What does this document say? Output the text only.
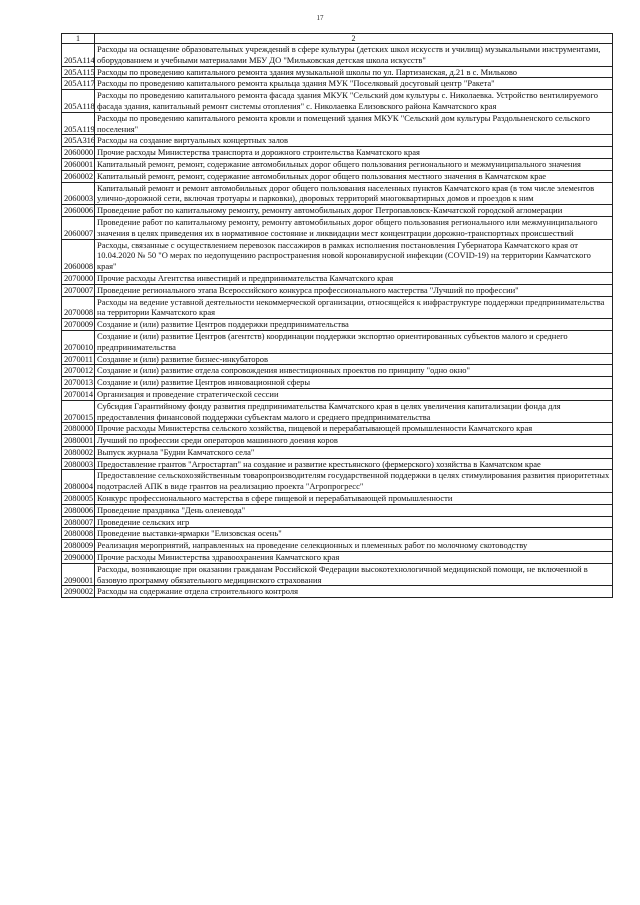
17
1	2
205А114	Расходы на оснащение образовательных учреждений в сфере культуры (детских школ искусств и училищ) музыкальными инструментами, оборудованием и учебными материалами МБУ ДО "Мильковская детская школа искусств"
205А115	Расходы по проведению капитального ремонта здания музыкальной школы по ул. Партизанская, д.21 в с. Мильково
205А117	Расходы по проведению капитального ремонта крыльца здания МУК "Поселковый досуговый центр "Ракета"
205А118	Расходы по проведению капитального ремонта фасада здания МКУК "Сельский дом культуры с. Николаевка. Устройство вентилируемого фасада здания, капитальный ремонт системы отопления" с. Николаевка Елизовского района Камчатского края
205А119	Расходы по проведению капитального ремонта кровли и помещений здания МКУК "Сельский дом культуры Раздольненского сельского поселения"
205А316	Расходы на создание виртуальных концертных залов
2060000	Прочие расходы Министерства транспорта и дорожного строительства Камчатского края
2060001	Капитальный ремонт, ремонт, содержание автомобильных дорог общего пользования регионального и межмуниципального значения
2060002	Капитальный ремонт, ремонт, содержание автомобильных дорог общего пользования местного значения в Камчатском крае
2060003	Капитальный ремонт и ремонт автомобильных дорог общего пользования населенных пунктов Камчатского края (в том числе элементов улично-дорожной сети, включая тротуары и парковки), дворовых территорий многоквартирных домов и проездов к ним
2060006	Проведение работ по капитальному ремонту, ремонту автомобильных дорог Петропавловск-Камчатской городской агломерации
2060007	Проведение работ по капитальному ремонту, ремонту автомобильных дорог общего пользования регионального или межмуниципального значения в целях приведения их в нормативное состояние и ликвидации мест концентрации дорожно-транспортных происшествий
2060008	Расходы, связанные с осуществлением перевозок пассажиров в рамках исполнения постановления Губернатора Камчатского края от 10.04.2020 № 50 "О мерах по недопущению распространения новой коронавирусной инфекции (COVID-19) на территории Камчатского края"
2070000	Прочие расходы Агентства инвестиций и предпринимательства Камчатского края
2070007	Проведение регионального этапа Всероссийского конкурса профессионального мастерства "Лучший по профессии"
2070008	Расходы на ведение уставной деятельности некоммерческой организации, относящейся к инфраструктуре поддержки предпринимательства на территории Камчатского края
2070009	Создание и (или) развитие Центров поддержки предпринимательства
2070010	Создание и (или) развитие Центров (агентств) координации поддержки экспортно ориентированных субъектов малого и среднего предпринимательства
2070011	Создание и (или) развитие бизнес-инкубаторов
2070012	Создание и (или) развитие отдела сопровождения инвестиционных проектов по принципу "одно окно"
2070013	Создание и (или) развитие Центров инновационной сферы
2070014	Организация и проведение стратегической сессии
2070015	Субсидия Гарантийному фонду развития предпринимательства Камчатского края в целях увеличения капитализации фонда для предоставления финансовой поддержки субъектам малого и среднего предпринимательства
2080000	Прочие расходы Министерства сельского хозяйства, пищевой и перерабатывающей промышленности Камчатского края
2080001	Лучший по профессии среди операторов машинного доения коров
2080002	Выпуск журнала "Будни Камчатского села"
2080003	Предоставление грантов "Агростартап" на создание и развитие крестьянского (фермерского) хозяйства в Камчатском крае
2080004	Предоставление сельскохозяйственным товаропроизводителям государственной поддержки в целях стимулирования развития приоритетных подотраслей АПК в виде грантов на реализацию проекта "Агропрогресс"
2080005	Конкурс профессионального мастерства в сфере пищевой и перерабатывающей промышленности
2080006	Проведение праздника "День оленевода"
2080007	Проведение сельских игр
2080008	Проведение выставки-ярмарки "Елизовская осень"
2080009	Реализация мероприятий, направленных на проведение селекционных и племенных работ по молочному скотоводству
2090000	Прочие расходы Министерства здравоохранения Камчатского края
2090001	Расходы, возникающие при оказании гражданам Российской Федерации высокотехнологичной медицинской помощи, не включенной в базовую программу обязательного медицинского страхования
2090002	Расходы на содержание отдела строительного контроля
